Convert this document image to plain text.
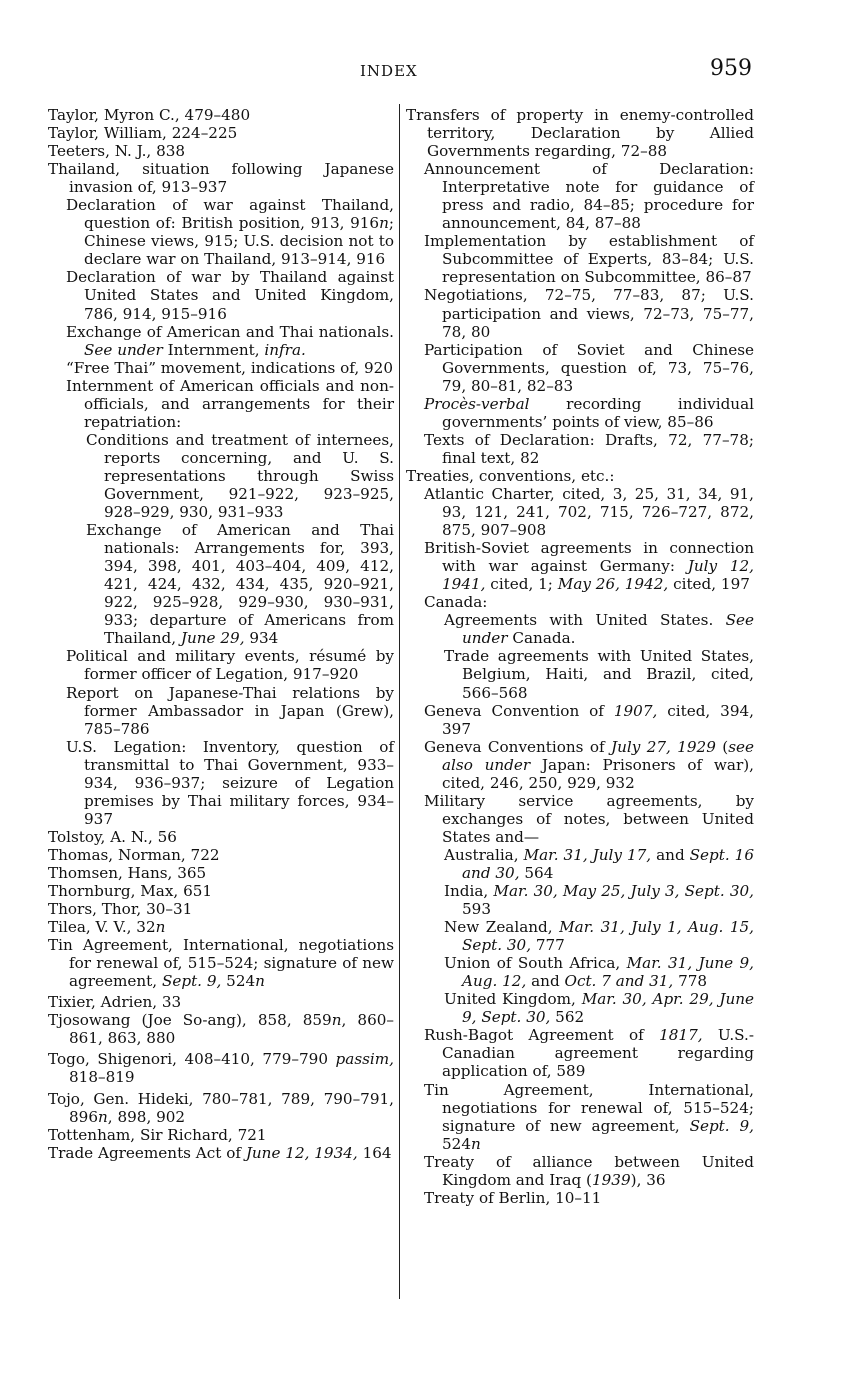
INDEX	959
Taylor, Myron C., 479–480
Taylor, William, 224–225
Teeters, N. J., 838
Thailand, situation following Japanese invasion of, 913–937
Declaration of war against Thailand, question of: British position, 913, 916n; Chinese views, 915; U.S. decision not to declare war on Thailand, 913–914, 916
Declaration of war by Thailand against United States and United Kingdom, 786, 914, 915–916
Exchange of American and Thai nationals. See under Internment, infra.
“Free Thai” movement, indications of, 920
Internment of American officials and non-officials, and arrangements for their repatriation:
Conditions and treatment of internees, reports concerning, and U. S. representations through Swiss Government, 921–922, 923–925, 928–929, 930, 931–933
Exchange of American and Thai nationals: Arrangements for, 393, 394, 398, 401, 403–404, 409, 412, 421, 424, 432, 434, 435, 920–921, 922, 925–928, 929–930, 930–931, 933; departure of Americans from Thailand, June 29, 934
Political and military events, résumé by former officer of Legation, 917–920
Report on Japanese-Thai relations by former Ambassador in Japan (Grew), 785–786
U.S. Legation: Inventory, question of transmittal to Thai Government, 933–934, 936–937; seizure of Legation premises by Thai military forces, 934–937
Tolstoy, A. N., 56
Thomas, Norman, 722
Thomsen, Hans, 365
Thornburg, Max, 651
Thors, Thor, 30–31
Tilea, V. V., 32n
Tin Agreement, International, negotiations for renewal of, 515–524; signature of new agreement, Sept. 9, 524n
Tixier, Adrien, 33
Tjosowang (Joe So-ang), 858, 859n, 860–861, 863, 880
Togo, Shigenori, 408–410, 779–790 passim, 818–819
Tojo, Gen. Hideki, 780–781, 789, 790–791, 896n, 898, 902
Tottenham, Sir Richard, 721
Trade Agreements Act of June 12, 1934, 164
Transfers of property in enemy-controlled territory, Declaration by Allied Governments regarding, 72–88
Announcement of Declaration: Interpretative note for guidance of press and radio, 84–85; procedure for announcement, 84, 87–88
Implementation by establishment of Subcommittee of Experts, 83–84; U.S. representation on Subcommittee, 86–87
Negotiations, 72–75, 77–83, 87; U.S. participation and views, 72–73, 75–77, 78, 80
Participation of Soviet and Chinese Governments, question of, 73, 75–76, 79, 80–81, 82–83
Procès-verbal recording individual governments’ points of view, 85–86
Texts of Declaration: Drafts, 72, 77–78; final text, 82
Treaties, conventions, etc.:
Atlantic Charter, cited, 3, 25, 31, 34, 91, 93, 121, 241, 702, 715, 726–727, 872, 875, 907–908
British-Soviet agreements in connection with war against Germany: July 12, 1941, cited, 1; May 26, 1942, cited, 197
Canada:
Agreements with United States. See under Canada.
Trade agreements with United States, Belgium, Haiti, and Brazil, cited, 566–568
Geneva Convention of 1907, cited, 394, 397
Geneva Conventions of July 27, 1929 (see also under Japan: Prisoners of war), cited, 246, 250, 929, 932
Military service agreements, by exchanges of notes, between United States and—
Australia, Mar. 31, July 17, and Sept. 16 and 30, 564
India, Mar. 30, May 25, July 3, Sept. 30, 593
New Zealand, Mar. 31, July 1, Aug. 15, Sept. 30, 777
Union of South Africa, Mar. 31, June 9, Aug. 12, and Oct. 7 and 31, 778
United Kingdom, Mar. 30, Apr. 29, June 9, Sept. 30, 562
Rush-Bagot Agreement of 1817, U.S.-Canadian agreement regarding application of, 589
Tin Agreement, International, negotiations for renewal of, 515–524; signature of new agreement, Sept. 9, 524n
Treaty of alliance between United Kingdom and Iraq (1939), 36
Treaty of Berlin, 10–11
